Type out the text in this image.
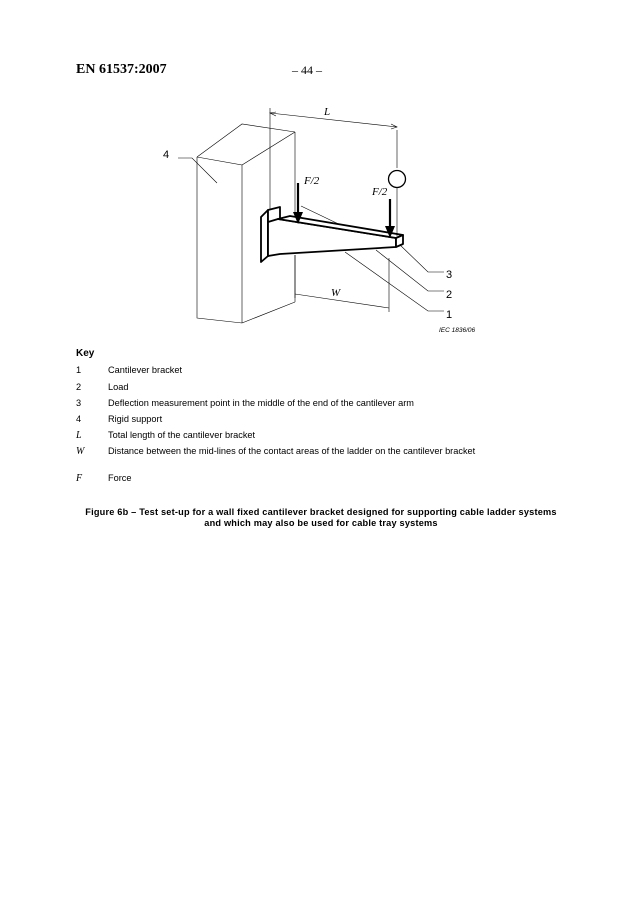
EN 61537:2007	– 44 –
L
W
F/2
F/2
4
3
2
1
IEC 1836/06
Key
1	Cantilever bracket
2	Load
3	Deflection measurement point in the middle of the end of the cantilever arm
4	Rigid support
L	Total length of the cantilever bracket
W	Distance between the mid-lines of the contact areas of the ladder on the cantilever bracket
F	Force
Figure 6b – Test set-up for a wall fixed cantilever bracket designed for supporting cable ladder systems
and which may also be used for cable tray systems
